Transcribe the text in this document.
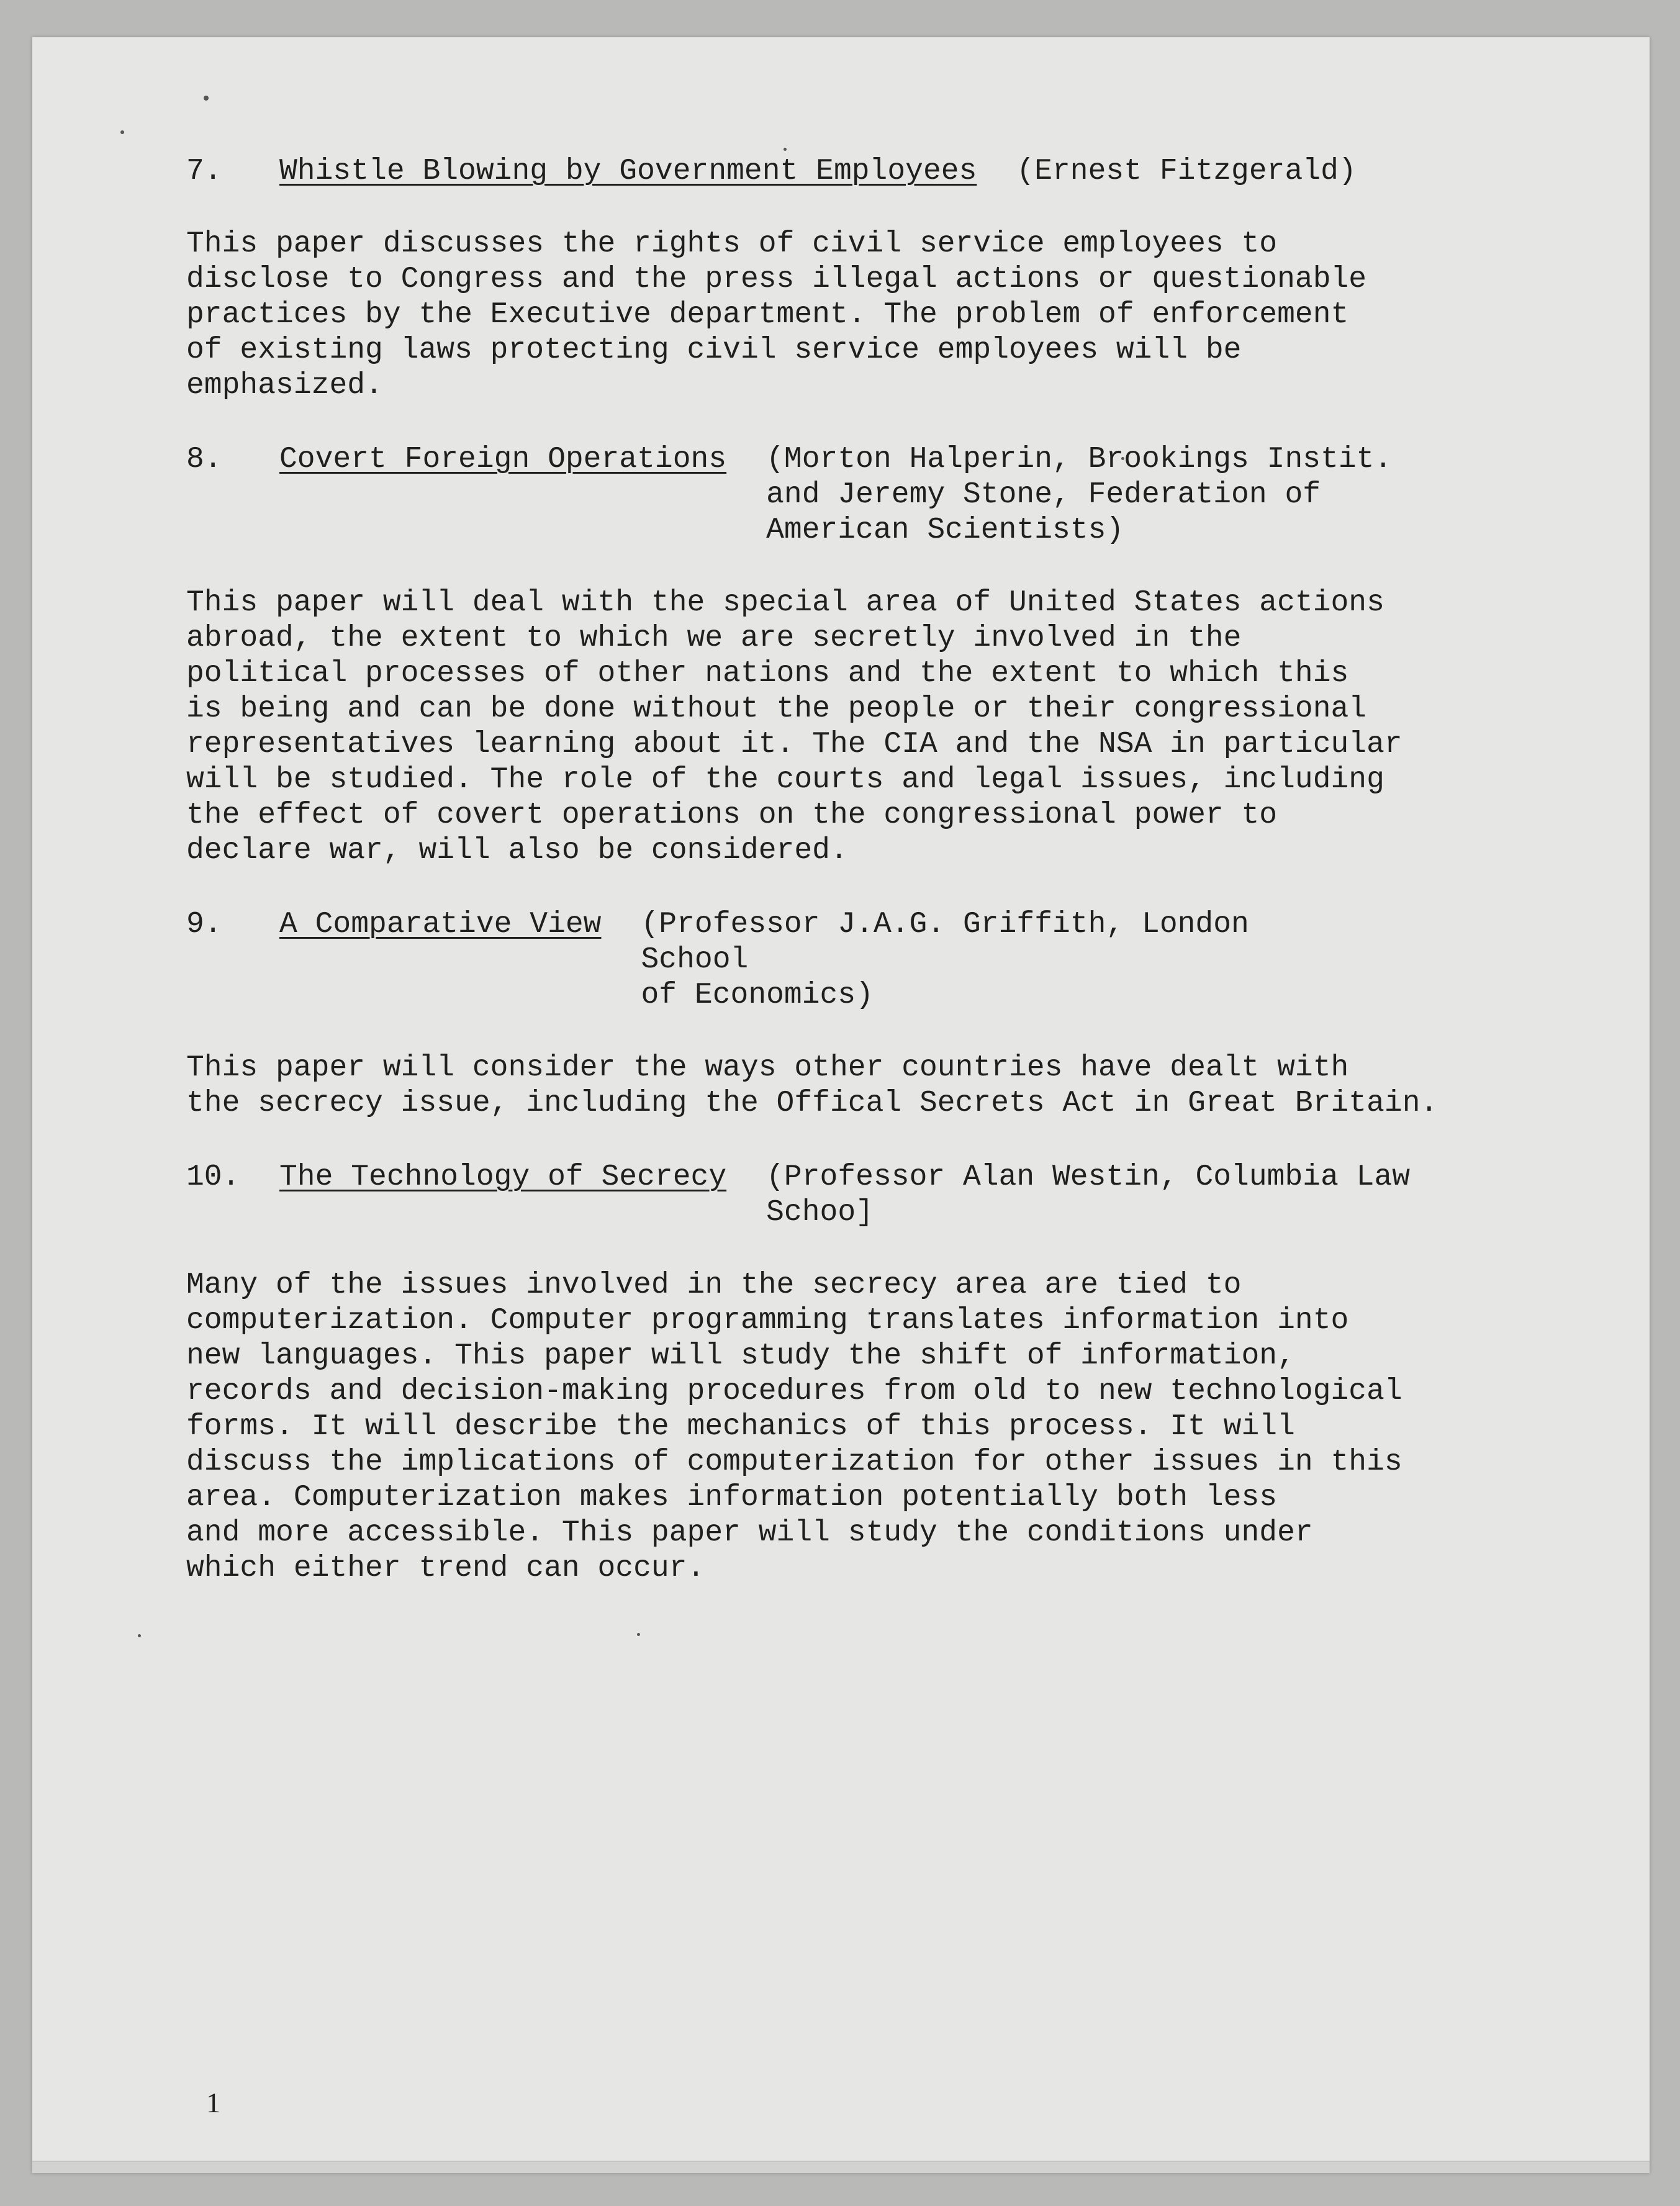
7.	Whistle Blowing by Government Employees (Ernest Fitzgerald)

This paper discusses the rights of civil service employees to
disclose to Congress and the press illegal actions or questionable
practices by the Executive department. The problem of enforcement
of existing laws protecting civil service employees will be
emphasized.

8.	Covert Foreign Operations (Morton Halperin, Brookings Instit.
and Jeremy Stone, Federation of
American Scientists)

This paper will deal with the special area of United States actions
abroad, the extent to which we are secretly involved in the
political processes of other nations and the extent to which this
is being and can be done without the people or their congressional
representatives learning about it. The CIA and the NSA in particular
will be studied. The role of the courts and legal issues, including
the effect of covert operations on the congressional power to
declare war, will also be considered.

9.	A Comparative View (Professor J.A.G. Griffith, London School
of Economics)

This paper will consider the ways other countries have dealt with
the secrecy issue, including the Offical Secrets Act in Great Britain.

10.	The Technology of Secrecy (Professor Alan Westin, Columbia Law Schoo]

Many of the issues involved in the secrecy area are tied to
computerization. Computer programming translates information into
new languages. This paper will study the shift of information,
records and decision-making procedures from old to new technological
forms. It will describe the mechanics of this process. It will
discuss the implications of computerization for other issues in this
area. Computerization makes information potentially both less
and more accessible. This paper will study the conditions under
which either trend can occur.

1
